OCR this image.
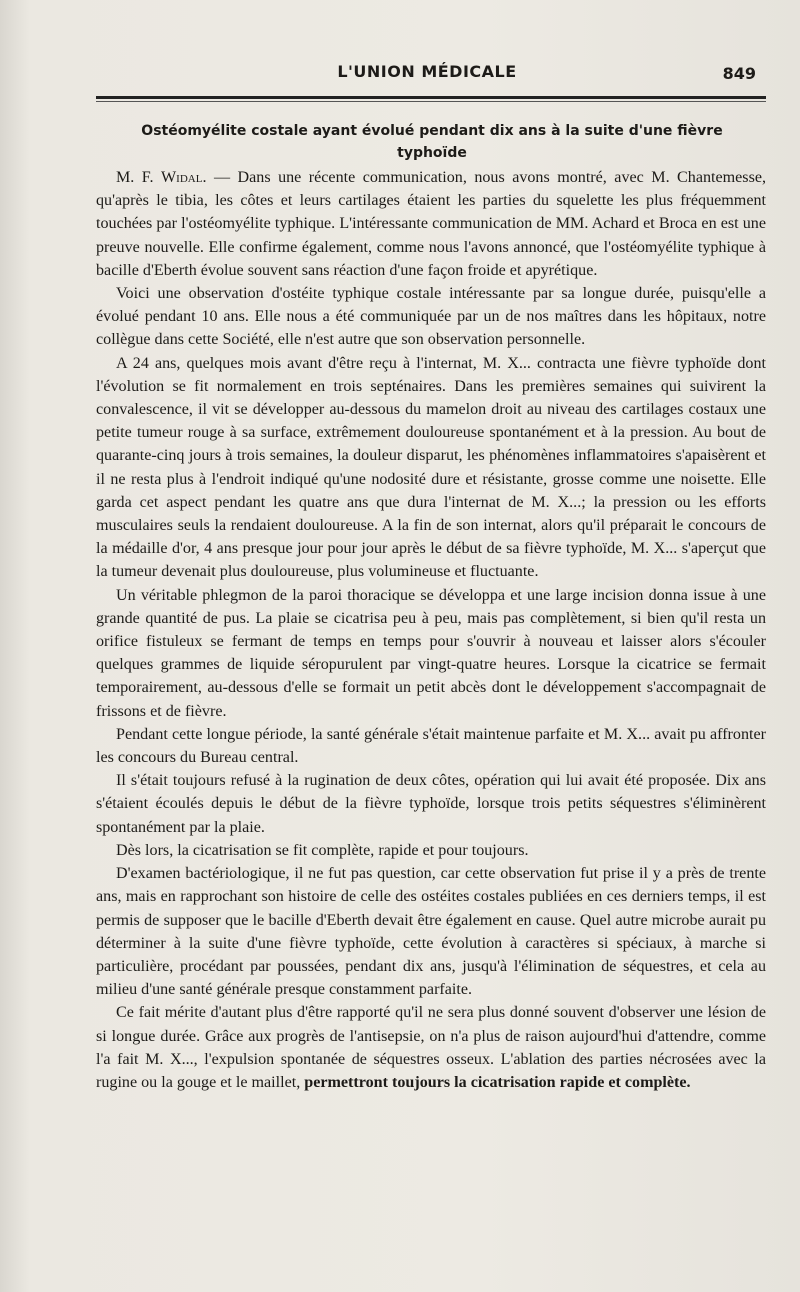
L'UNION MÉDICALE	849
Ostéomyélite costale ayant évolué pendant dix ans à la suite d'une fièvre typhoïde

M. F. Widal. — Dans une récente communication, nous avons montré, avec M. Chantemesse, qu'après le tibia, les côtes et leurs cartilages étaient les parties du squelette les plus fréquemment touchées par l'ostéomyélite typhique. L'intéressante communication de MM. Achard et Broca en est une preuve nouvelle. Elle confirme également, comme nous l'avons annoncé, que l'ostéomyélite typhique à bacille d'Eberth évolue souvent sans réaction d'une façon froide et apyrétique.

Voici une observation d'ostéite typhique costale intéressante par sa longue durée, puisqu'elle a évolué pendant 10 ans. Elle nous a été communiquée par un de nos maîtres dans les hôpitaux, notre collègue dans cette Société, elle n'est autre que son observation personnelle.

A 24 ans, quelques mois avant d'être reçu à l'internat, M. X... contracta une fièvre typhoïde dont l'évolution se fit normalement en trois septénaires. Dans les premières semaines qui suivirent la convalescence, il vit se développer au-dessous du mamelon droit au niveau des cartilages costaux une petite tumeur rouge à sa surface, extrêmement douloureuse spontanément et à la pression. Au bout de quarante-cinq jours à trois semaines, la douleur disparut, les phénomènes inflammatoires s'apaisèrent et il ne resta plus à l'endroit indiqué qu'une nodosité dure et résistante, grosse comme une noisette. Elle garda cet aspect pendant les quatre ans que dura l'internat de M. X...; la pression ou les efforts musculaires seuls la rendaient douloureuse. A la fin de son internat, alors qu'il préparait le concours de la médaille d'or, 4 ans presque jour pour jour après le début de sa fièvre typhoïde, M. X... s'aperçut que la tumeur devenait plus douloureuse, plus volumineuse et fluctuante.

Un véritable phlegmon de la paroi thoracique se développa et une large incision donna issue à une grande quantité de pus. La plaie se cicatrisa peu à peu, mais pas complètement, si bien qu'il resta un orifice fistuleux se fermant de temps en temps pour s'ouvrir à nouveau et laisser alors s'écouler quelques grammes de liquide séropurulent par vingt-quatre heures. Lorsque la cicatrice se fermait temporairement, au-dessous d'elle se formait un petit abcès dont le développement s'accompagnait de frissons et de fièvre.

Pendant cette longue période, la santé générale s'était maintenue parfaite et M. X... avait pu affronter les concours du Bureau central.

Il s'était toujours refusé à la rugination de deux côtes, opération qui lui avait été proposée. Dix ans s'étaient écoulés depuis le début de la fièvre typhoïde, lorsque trois petits séquestres s'éliminèrent spontanément par la plaie.

Dès lors, la cicatrisation se fit complète, rapide et pour toujours.

D'examen bactériologique, il ne fut pas question, car cette observation fut prise il y a près de trente ans, mais en rapprochant son histoire de celle des ostéites costales publiées en ces derniers temps, il est permis de supposer que le bacille d'Eberth devait être également en cause. Quel autre microbe aurait pu déterminer à la suite d'une fièvre typhoïde, cette évolution à caractères si spéciaux, à marche si particulière, procédant par poussées, pendant dix ans, jusqu'à l'élimination de séquestres, et cela au milieu d'une santé générale presque constamment parfaite.

Ce fait mérite d'autant plus d'être rapporté qu'il ne sera plus donné souvent d'observer une lésion de si longue durée. Grâce aux progrès de l'antisepsie, on n'a plus de raison aujourd'hui d'attendre, comme l'a fait M. X..., l'expulsion spontanée de séquestres osseux. L'ablation des parties nécrosées avec la rugine ou la gouge et le maillet, permettront toujours la cicatrisation rapide et complète.
